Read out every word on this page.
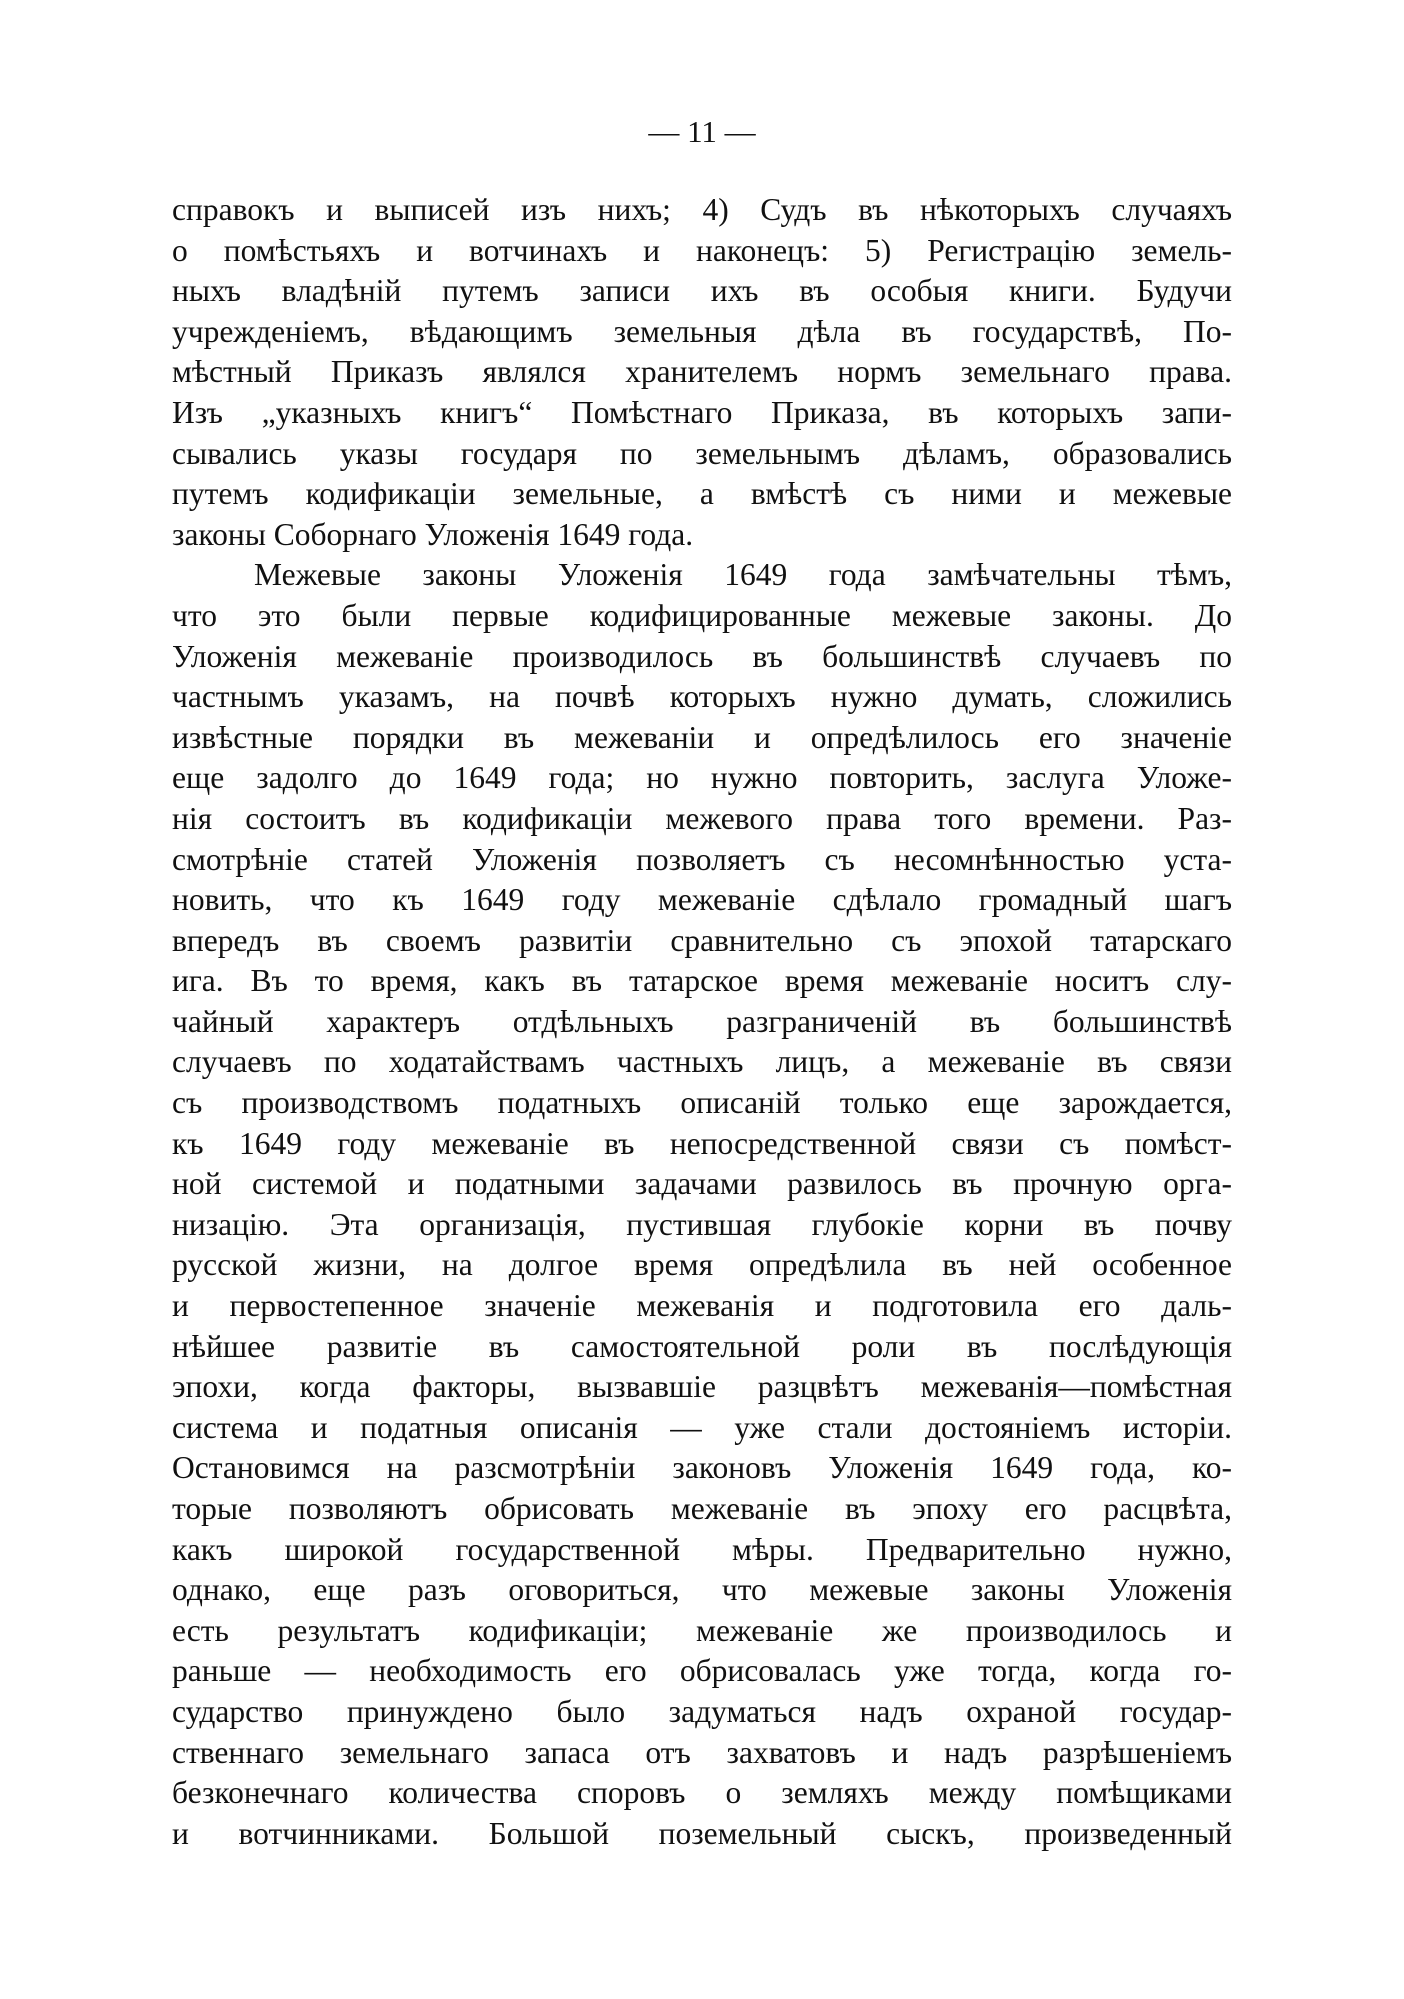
— 11 —
справокъ и выписей изъ нихъ; 4) Судъ въ нѣкоторыхъ случаяхъ
о помѣстьяхъ и вотчинахъ и наконецъ: 5) Регистрацію земель-
ныхъ владѣній путемъ записи ихъ въ особыя книги. Будучи
учрежденіемъ, вѣдающимъ земельныя дѣла въ государствѣ, По-
мѣстный Приказъ являлся хранителемъ нормъ земельнаго права.
Изъ „указныхъ книгъ“ Помѣстнаго Приказа, въ которыхъ запи-
сывались указы государя по земельнымъ дѣламъ, образовались
путемъ кодификаціи земельные, а вмѣстѣ съ ними и межевые
законы Соборнаго Уложенія 1649 года.
Межевые законы Уложенія 1649 года замѣчательны тѣмъ,
что это были первые кодифицированные межевые законы. До
Уложенія межеваніе производилось въ большинствѣ случаевъ по
частнымъ указамъ, на почвѣ которыхъ нужно думать, сложились
извѣстные порядки въ межеваніи и опредѣлилось его значеніе
еще задолго до 1649 года; но нужно повторить, заслуга Уложе-
нія состоитъ въ кодификаціи межевого права того времени. Раз-
смотрѣніе статей Уложенія позволяетъ съ несомнѣнностью уста-
новить, что къ 1649 году межеваніе сдѣлало громадный шагъ
впередъ въ своемъ развитіи сравнительно съ эпохой татарскаго
ига. Въ то время, какъ въ татарское время межеваніе носитъ слу-
чайный характеръ отдѣльныхъ разграниченій въ большинствѣ
случаевъ по ходатайствамъ частныхъ лицъ, а межеваніе въ связи
съ производствомъ податныхъ описаній только еще зарождается,
къ 1649 году межеваніе въ непосредственной связи съ помѣст-
ной системой и податными задачами развилось въ прочную орга-
низацію. Эта организація, пустившая глубокіе корни въ почву
русской жизни, на долгое время опредѣлила въ ней особенное
и первостепенное значеніе межеванія и подготовила его даль-
нѣйшее развитіе въ самостоятельной роли въ послѣдующія
эпохи, когда факторы, вызвавшіе разцвѣтъ межеванія—помѣстная
система и податныя описанія — уже стали достояніемъ исторіи.
Остановимся на разсмотрѣніи законовъ Уложенія 1649 года, ко-
торые позволяютъ обрисовать межеваніе въ эпоху его расцвѣта,
какъ широкой государственной мѣры. Предварительно нужно,
однако, еще разъ оговориться, что межевые законы Уложенія
есть результатъ кодификаціи; межеваніе же производилось и
раньше — необходимость его обрисовалась уже тогда, когда го-
сударство принуждено было задуматься надъ охраной государ-
ственнаго земельнаго запаса отъ захватовъ и надъ разрѣшеніемъ
безконечнаго количества споровъ о земляхъ между помѣщиками
и вотчинниками. Большой поземельный сыскъ, произведенный
